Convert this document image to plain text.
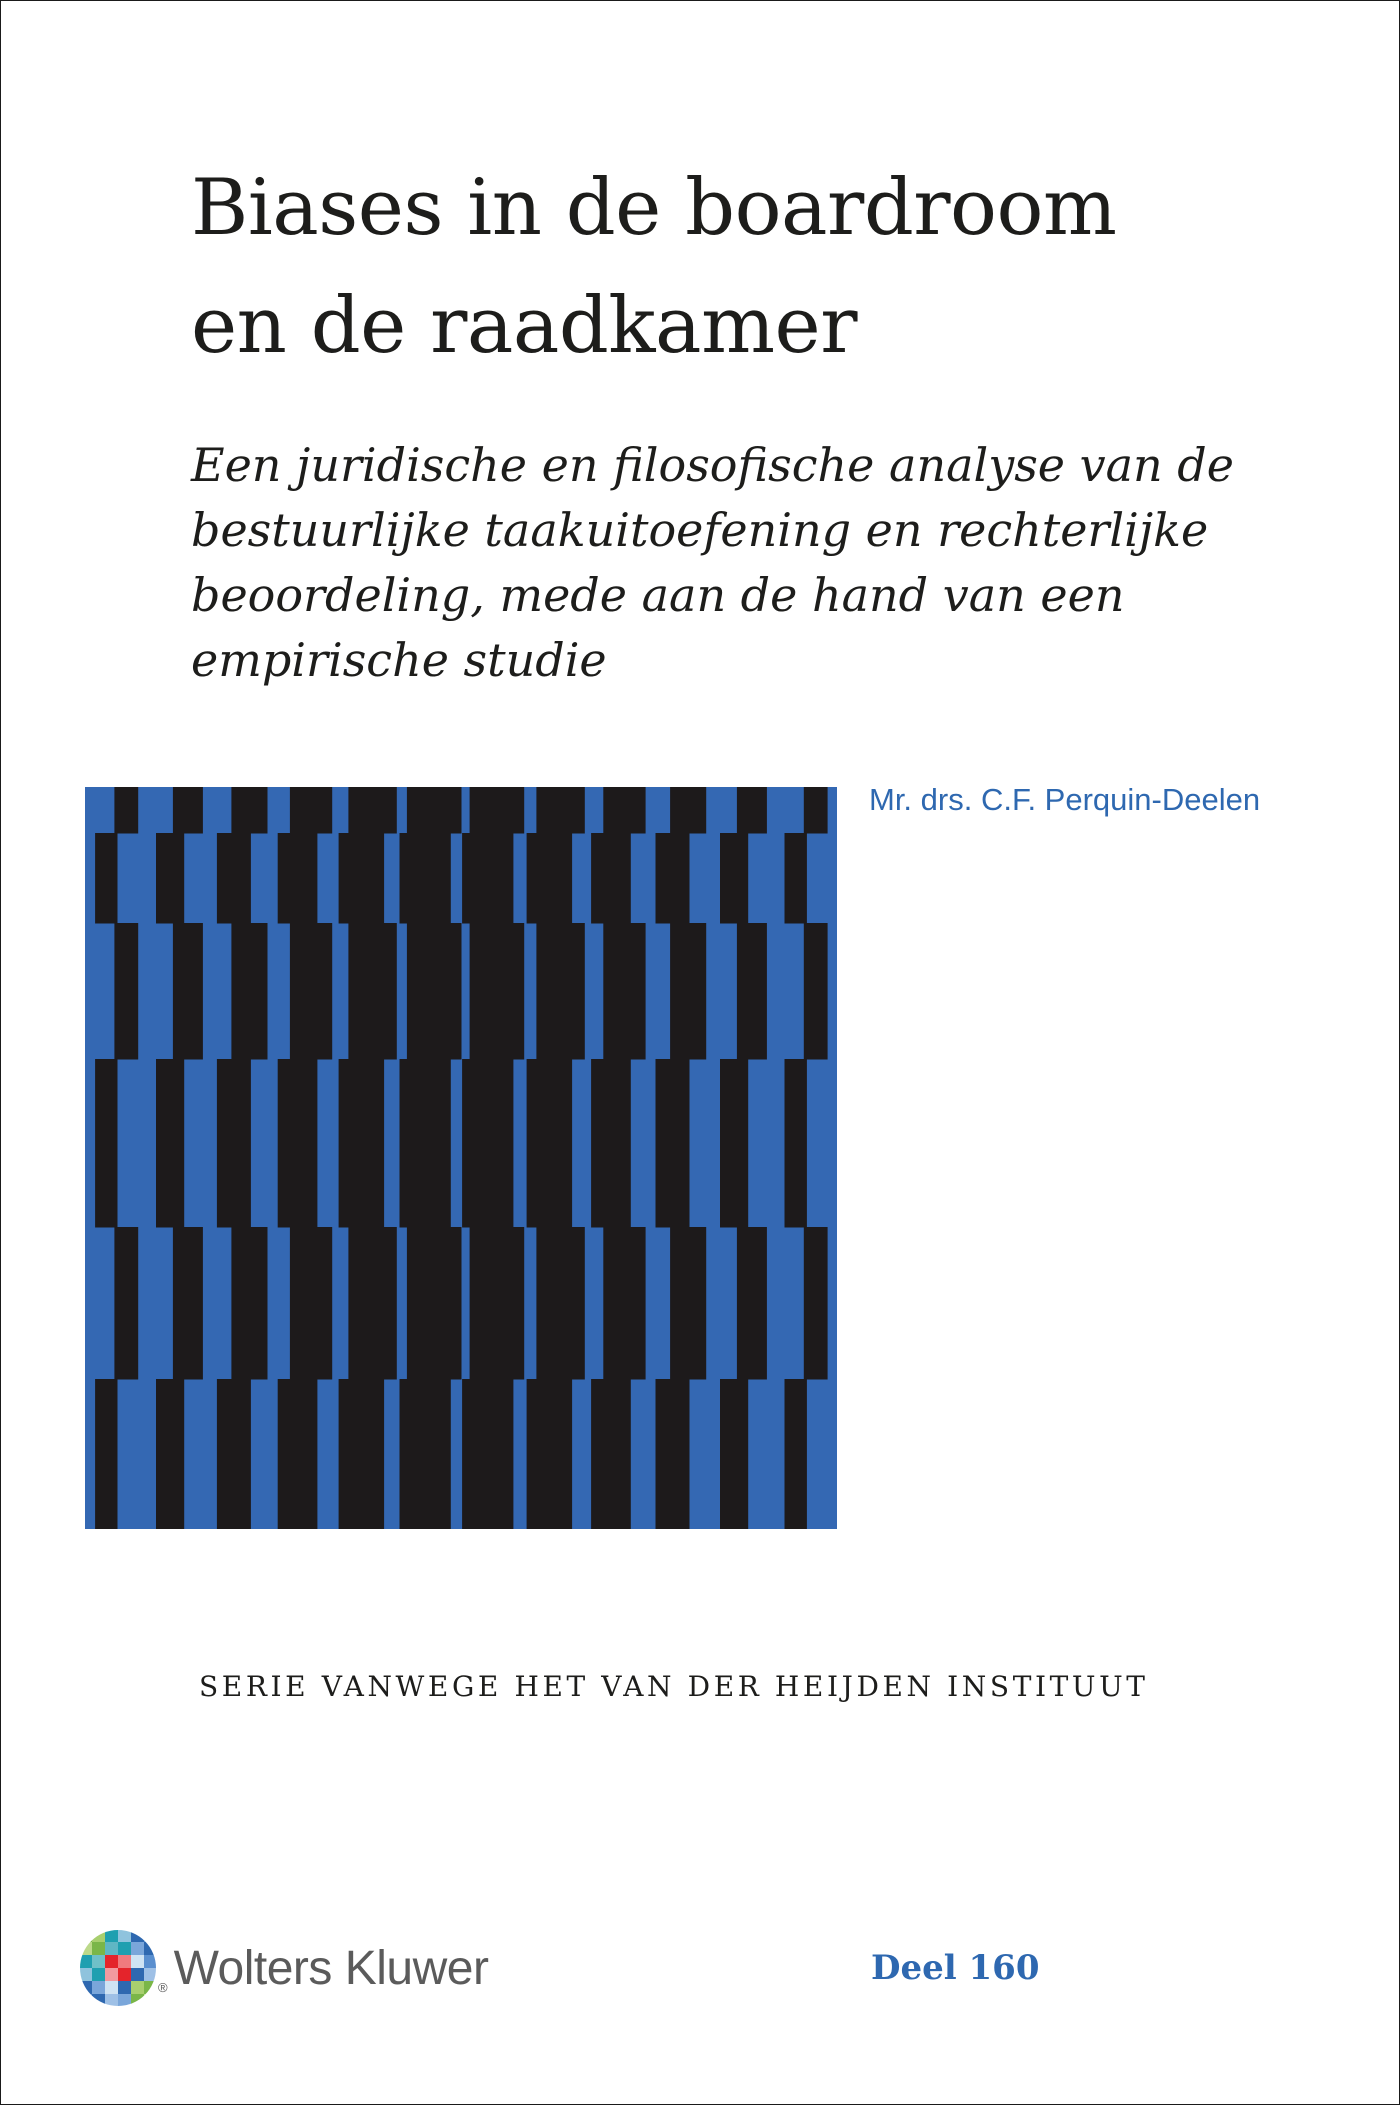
Biases in de boardroom
en de raadkamer
Een juridische en filosofische analyse van de
bestuurlijke taakuitoefening en rechterlijke
beoordeling, mede aan de hand van een
empirische studie
Mr. drs. C.F. Perquin-Deelen
SERIE VANWEGE HET VAN DER HEIJDEN INSTITUUT
® Wolters Kluwer	Deel 160
